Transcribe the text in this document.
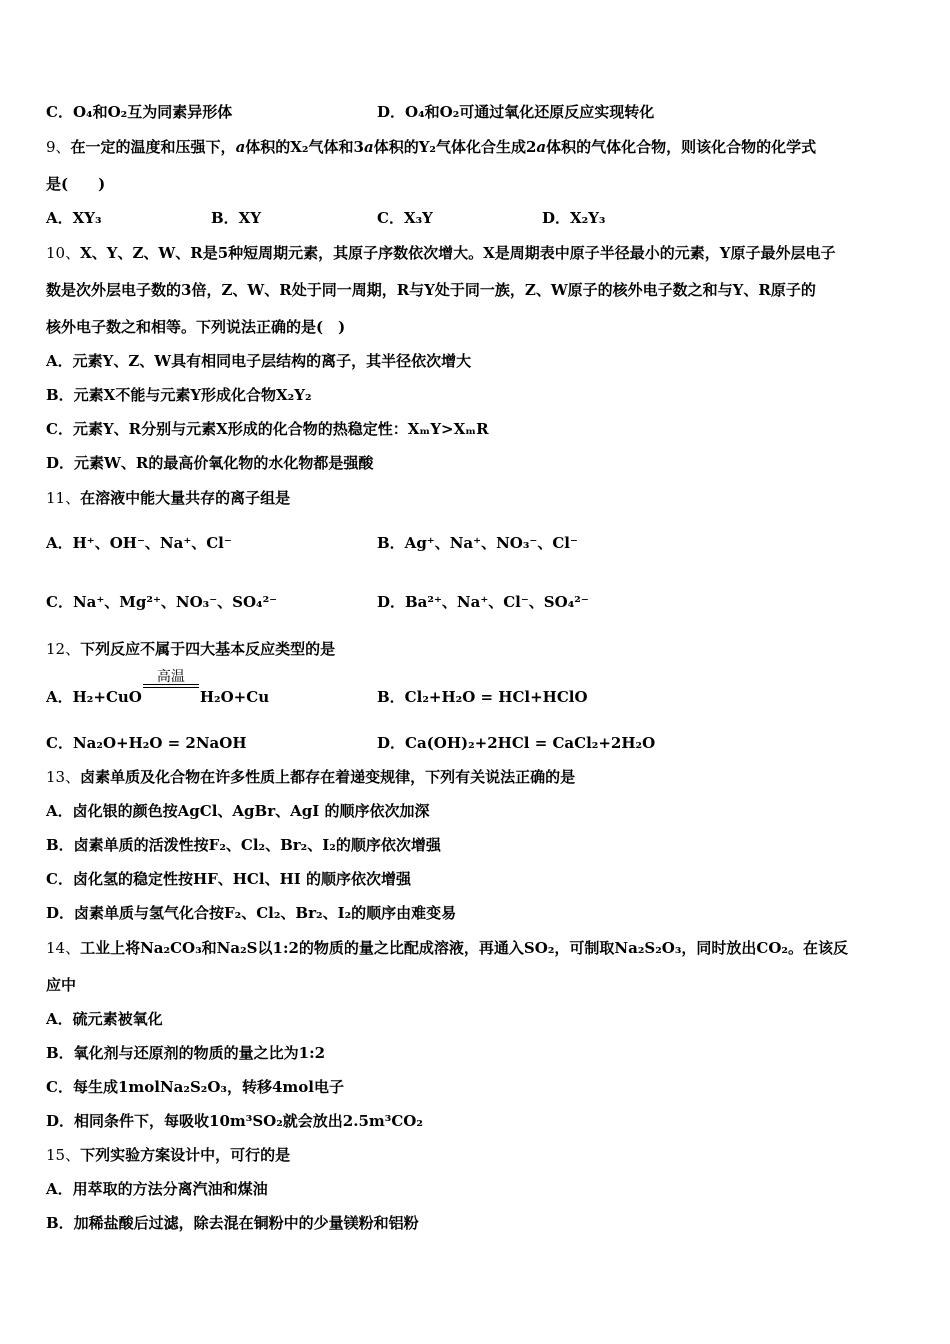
C．O₄和O₂互为同素异形体	D．O₄和O₂可通过氧化还原反应实现转化
9、在一定的温度和压强下，a体积的X₂气体和3a体积的Y₂气体化合生成2a体积的气体化合物，则该化合物的化学式
是(　　)
A．XY₃	B．XY	C．X₃Y	D．X₂Y₃
10、X、Y、Z、W、R是5种短周期元素，其原子序数依次增大。X是周期表中原子半径最小的元素，Y原子最外层电子
数是次外层电子数的3倍，Z、W、R处于同一周期，R与Y处于同一族，Z、W原子的核外电子数之和与Y、R原子的
核外电子数之和相等。下列说法正确的是(　)
A．元素Y、Z、W具有相同电子层结构的离子，其半径依次增大
B．元素X不能与元素Y形成化合物X₂Y₂
C．元素Y、R分别与元素X形成的化合物的热稳定性：XₘY>XₘR
D．元素W、R的最高价氧化物的水化物都是强酸
11、在溶液中能大量共存的离子组是
A．H⁺、OH⁻、Na⁺、Cl⁻	B．Ag⁺、Na⁺、NO₃⁻、Cl⁻
C．Na⁺、Mg²⁺、NO₃⁻、SO₄²⁻	D．Ba²⁺、Na⁺、Cl⁻、SO₄²⁻
12、下列反应不属于四大基本反应类型的是
A．H₂+CuO
高温
H₂O+Cu	B．Cl₂+H₂O = HCl+HClO
C．Na₂O+H₂O = 2NaOH	D．Ca(OH)₂+2HCl = CaCl₂+2H₂O
13、卤素单质及化合物在许多性质上都存在着递变规律，下列有关说法正确的是
A．卤化银的颜色按AgCl、AgBr、AgI 的顺序依次加深
B．卤素单质的活泼性按F₂、Cl₂、Br₂、I₂的顺序依次增强
C．卤化氢的稳定性按HF、HCl、HI 的顺序依次增强
D．卤素单质与氢气化合按F₂、Cl₂、Br₂、I₂的顺序由难变易
14、工业上将Na₂CO₃和Na₂S以1:2的物质的量之比配成溶液，再通入SO₂，可制取Na₂S₂O₃，同时放出CO₂。在该反
应中
A．硫元素被氧化
B．氧化剂与还原剂的物质的量之比为1:2
C．每生成1molNa₂S₂O₃，转移4mol电子
D．相同条件下，每吸收10m³SO₂就会放出2.5m³CO₂
15、下列实验方案设计中，可行的是
A．用萃取的方法分离汽油和煤油
B．加稀盐酸后过滤，除去混在铜粉中的少量镁粉和铝粉
